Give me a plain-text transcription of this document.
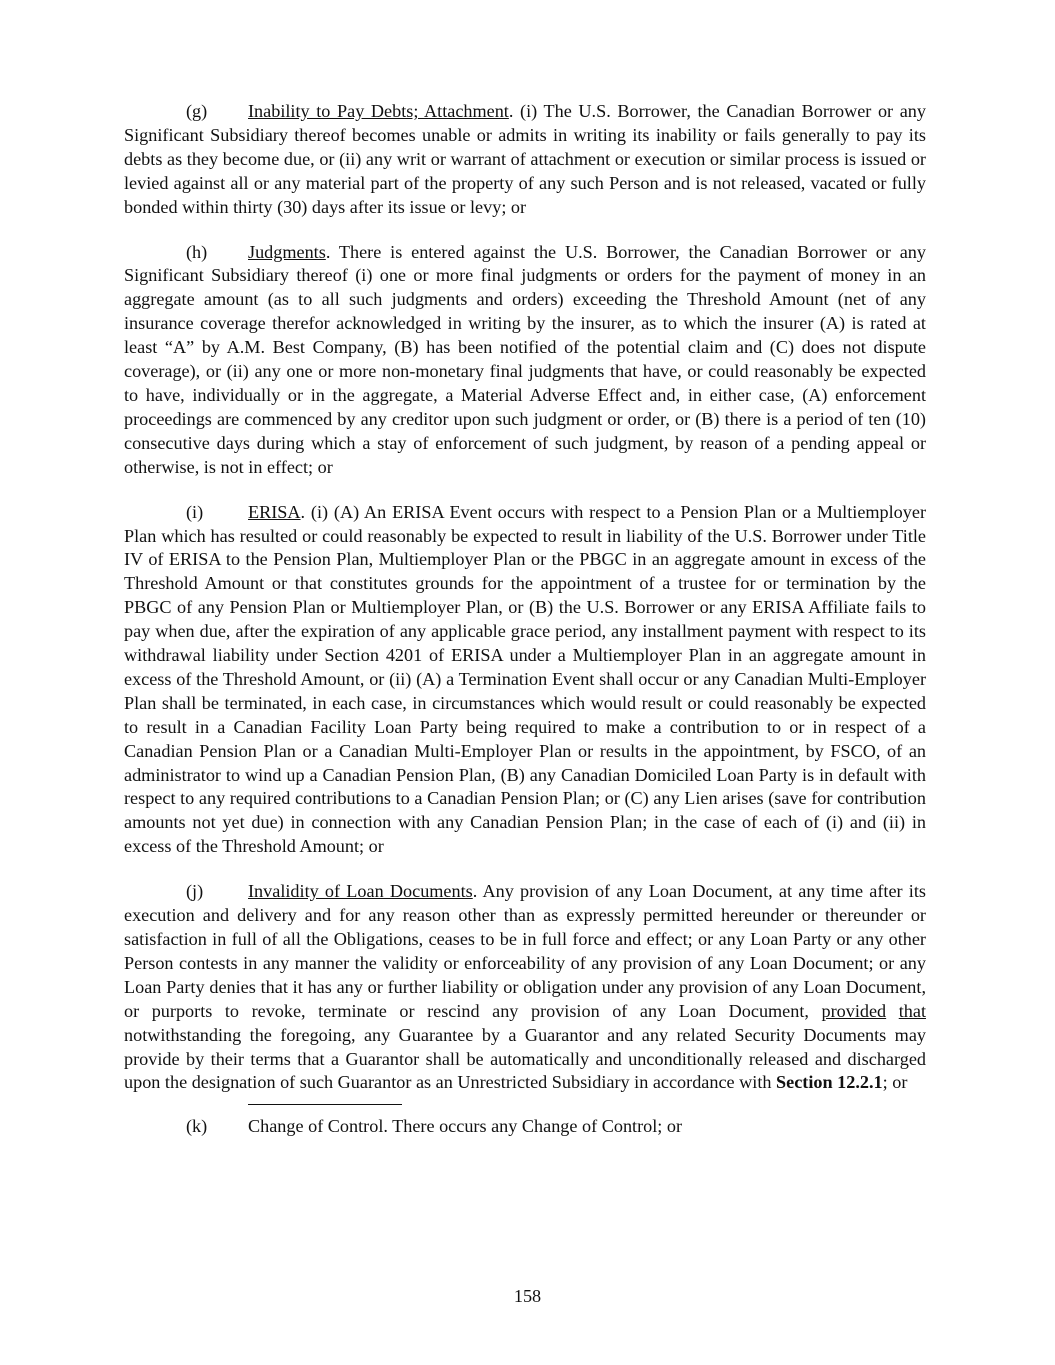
(g) Inability to Pay Debts; Attachment. (i) The U.S. Borrower, the Canadian Borrower or any Significant Subsidiary thereof becomes unable or admits in writing its inability or fails generally to pay its debts as they become due, or (ii) any writ or warrant of attachment or execution or similar process is issued or levied against all or any material part of the property of any such Person and is not released, vacated or fully bonded within thirty (30) days after its issue or levy; or

(h) Judgments. There is entered against the U.S. Borrower, the Canadian Borrower or any Significant Subsidiary thereof (i) one or more final judgments or orders for the payment of money in an aggregate amount (as to all such judgments and orders) exceeding the Threshold Amount (net of any insurance coverage therefor acknowledged in writing by the insurer, as to which the insurer (A) is rated at least “A” by A.M. Best Company, (B) has been notified of the potential claim and (C) does not dispute coverage), or (ii) any one or more non-monetary final judgments that have, or could reasonably be expected to have, individually or in the aggregate, a Material Adverse Effect and, in either case, (A) enforcement proceedings are commenced by any creditor upon such judgment or order, or (B) there is a period of ten (10) consecutive days during which a stay of enforcement of such judgment, by reason of a pending appeal or otherwise, is not in effect; or

(i) ERISA. (i) (A) An ERISA Event occurs with respect to a Pension Plan or a Multiemployer Plan which has resulted or could reasonably be expected to result in liability of the U.S. Borrower under Title IV of ERISA to the Pension Plan, Multiemployer Plan or the PBGC in an aggregate amount in excess of the Threshold Amount or that constitutes grounds for the appointment of a trustee for or termination by the PBGC of any Pension Plan or Multiemployer Plan, or (B) the U.S. Borrower or any ERISA Affiliate fails to pay when due, after the expiration of any applicable grace period, any installment payment with respect to its withdrawal liability under Section 4201 of ERISA under a Multiemployer Plan in an aggregate amount in excess of the Threshold Amount, or (ii) (A) a Termination Event shall occur or any Canadian Multi-Employer Plan shall be terminated, in each case, in circumstances which would result or could reasonably be expected to result in a Canadian Facility Loan Party being required to make a contribution to or in respect of a Canadian Pension Plan or a Canadian Multi-Employer Plan or results in the appointment, by FSCO, of an administrator to wind up a Canadian Pension Plan, (B) any Canadian Domiciled Loan Party is in default with respect to any required contributions to a Canadian Pension Plan; or (C) any Lien arises (save for contribution amounts not yet due) in connection with any Canadian Pension Plan; in the case of each of (i) and (ii) in excess of the Threshold Amount; or

(j) Invalidity of Loan Documents. Any provision of any Loan Document, at any time after its execution and delivery and for any reason other than as expressly permitted hereunder or thereunder or satisfaction in full of all the Obligations, ceases to be in full force and effect; or any Loan Party or any other Person contests in any manner the validity or enforceability of any provision of any Loan Document; or any Loan Party denies that it has any or further liability or obligation under any provision of any Loan Document, or purports to revoke, terminate or rescind any provision of any Loan Document, provided that notwithstanding the foregoing, any Guarantee by a Guarantor and any related Security Documents may provide by their terms that a Guarantor shall be automatically and unconditionally released and discharged upon the designation of such Guarantor as an Unrestricted Subsidiary in accordance with Section 12.2.1; or

(k) Change of Control. There occurs any Change of Control; or

158
